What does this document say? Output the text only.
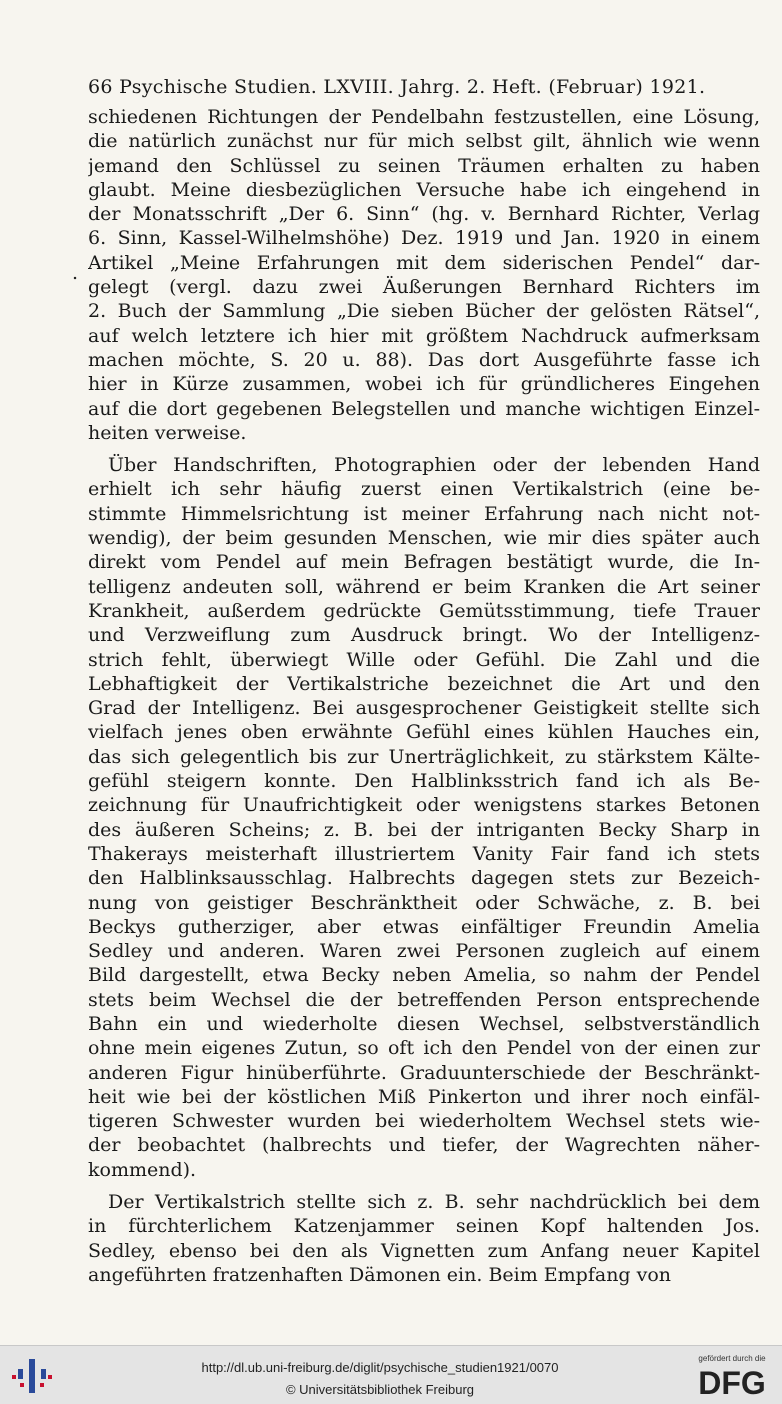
66 Psychische Studien. LXVIII. Jahrg. 2. Heft. (Februar) 1921.
.
schiedenen Richtungen der Pendelbahn festzustellen, eine Lösung,
die natürlich zunächst nur für mich selbst gilt, ähnlich wie wenn
jemand den Schlüssel zu seinen Träumen erhalten zu haben
glaubt. Meine diesbezüglichen Versuche habe ich eingehend in
der Monatsschrift „Der 6. Sinn“ (hg. v. Bernhard Richter, Verlag
6. Sinn, Kassel-Wilhelmshöhe) Dez. 1919 und Jan. 1920 in einem
Artikel „Meine Erfahrungen mit dem siderischen Pendel“ dar-
gelegt (vergl. dazu zwei Äußerungen Bernhard Richters im
2. Buch der Sammlung „Die sieben Bücher der gelösten Rätsel“,
auf welch letztere ich hier mit größtem Nachdruck aufmerksam
machen möchte, S. 20 u. 88). Das dort Ausgeführte fasse ich
hier in Kürze zusammen, wobei ich für gründlicheres Eingehen
auf die dort gegebenen Belegstellen und manche wichtigen Einzel-
heiten verweise.
Über Handschriften, Photographien oder der lebenden Hand
erhielt ich sehr häufig zuerst einen Vertikalstrich (eine be-
stimmte Himmelsrichtung ist meiner Erfahrung nach nicht not-
wendig), der beim gesunden Menschen, wie mir dies später auch
direkt vom Pendel auf mein Befragen bestätigt wurde, die In-
telligenz andeuten soll, während er beim Kranken die Art seiner
Krankheit, außerdem gedrückte Gemütsstimmung, tiefe Trauer
und Verzweiflung zum Ausdruck bringt. Wo der Intelligenz-
strich fehlt, überwiegt Wille oder Gefühl. Die Zahl und die
Lebhaftigkeit der Vertikalstriche bezeichnet die Art und den
Grad der Intelligenz. Bei ausgesprochener Geistigkeit stellte sich
vielfach jenes oben erwähnte Gefühl eines kühlen Hauches ein,
das sich gelegentlich bis zur Unerträglichkeit, zu stärkstem Kälte-
gefühl steigern konnte. Den Halblinksstrich fand ich als Be-
zeichnung für Unaufrichtigkeit oder wenigstens starkes Betonen
des äußeren Scheins; z. B. bei der intriganten Becky Sharp in
Thakerays meisterhaft illustriertem Vanity Fair fand ich stets
den Halblinksausschlag. Halbrechts dagegen stets zur Bezeich-
nung von geistiger Beschränktheit oder Schwäche, z. B. bei
Beckys gutherziger, aber etwas einfältiger Freundin Amelia
Sedley und anderen. Waren zwei Personen zugleich auf einem
Bild dargestellt, etwa Becky neben Amelia, so nahm der Pendel
stets beim Wechsel die der betreffenden Person entsprechende
Bahn ein und wiederholte diesen Wechsel, selbstverständlich
ohne mein eigenes Zutun, so oft ich den Pendel von der einen zur
anderen Figur hinüberführte. Graduunterschiede der Beschränkt-
heit wie bei der köstlichen Miß Pinkerton und ihrer noch einfäl-
tigeren Schwester wurden bei wiederholtem Wechsel stets wie-
der beobachtet (halbrechts und tiefer, der Wagrechten näher-
kommend).
Der Vertikalstrich stellte sich z. B. sehr nachdrücklich bei dem
in fürchterlichem Katzenjammer seinen Kopf haltenden Jos.
Sedley, ebenso bei den als Vignetten zum Anfang neuer Kapitel
angeführten fratzenhaften Dämonen ein. Beim Empfang von
http://dl.ub.uni-freiburg.de/diglit/psychische_studien1921/0070
© Universitätsbibliothek Freiburg
gefördert durch die
DFG
